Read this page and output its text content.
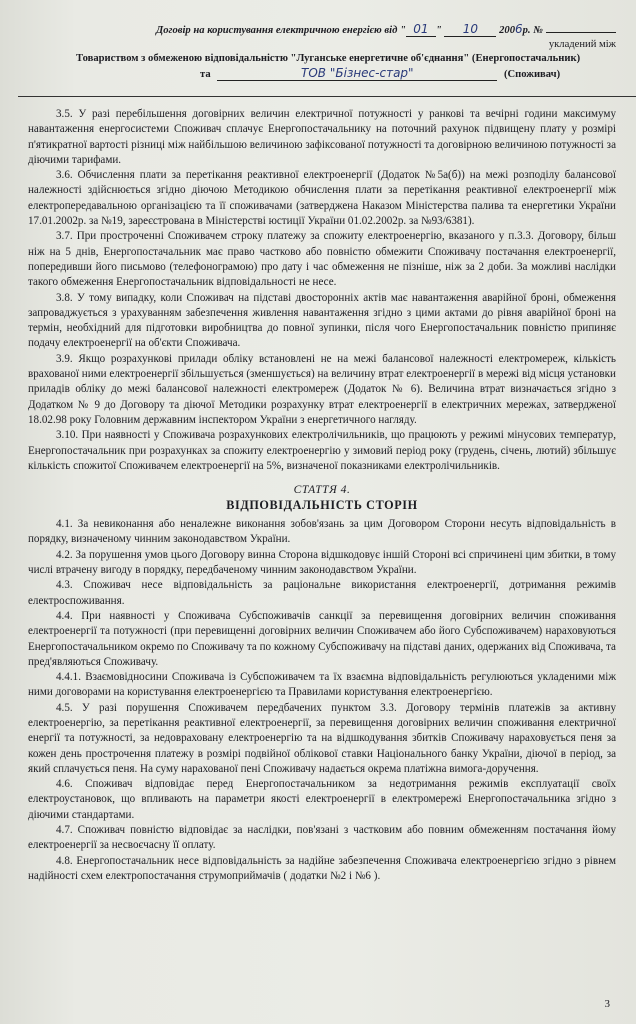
Договір на користування електричною енергією від " 01 " 10 2006р. №
укладений між
Товариством з обмеженою відповідальністю "Луганське енергетичне об'єднання" (Енергопостачальник)
та	ТОВ "Бізнес-стар"	(Споживач)

3.5. У разі перебільшення договірних величин електричної потужності у ранкові та вечірні години максимуму навантаження енергосистеми Споживач сплачує Енергопостачальнику на поточний рахунок підвищену плату у розмірі п'ятикратної вартості різниці між найбільшою величиною зафіксованої потужності та договірною величиною потужності за діючими тарифами.

3.6. Обчислення плати за перетікання реактивної електроенергії (Додаток №5а(б)) на межі розподілу балансової належності здійснюється згідно діючою Методикою обчислення плати за перетікання реактивної електроенергії між електропередавальною організацією та її споживачами (затверджена Наказом Міністерства палива та енергетики України 17.01.2002р. за №19, зареєстрована в Міністерстві юстиції України 01.02.2002р. за №93/6381).

3.7. При простроченні Споживачем строку платежу за спожиту електроенергію, вказаного у п.3.3. Договору, більш ніж на 5 днів, Енергопостачальник має право частково або повністю обмежити Споживачу постачання електроенергії, попередивши його письмово (телефонограмою) про дату і час обмеження не пізніше, ніж за 2 доби. За можливі наслідки такого обмеження Енергопостачальник відповідальності не несе.

3.8. У тому випадку, коли Споживач на підставі двосторонніх актів має навантаження аварійної броні, обмеження запроваджується з урахуванням забезпечення живлення навантаження згідно з цими актами до рівня аварійної броні на термін, необхідний для підготовки виробництва до повної зупинки, після чого Енергопостачальник повністю припиняє подачу електроенергії на об'єкти Споживача.

3.9. Якщо розрахункові прилади обліку встановлені не на межі балансової належності електромереж, кількість врахованої ними електроенергії збільшується (зменшується) на величину втрат електроенергії в мережі від місця установки приладів обліку до межі балансової належності електромереж (Додаток № 6). Величина втрат визначається згідно з Додатком № 9 до Договору та діючої Методики розрахунку втрат електроенергії в електричних мережах, затвердженої 18.02.98 року Головним державним інспектором України з енергетичного нагляду.

3.10. При наявності у Споживача розрахункових електролічильників, що працюють у режимі мінусових температур, Енергопостачальник при розрахунках за спожиту електроенергію у зимовий період року (грудень, січень, лютий) збільшує кількість спожитої Споживачем електроенергії на 5%, визначеної показниками електролічильників.

СТАТТЯ 4.
ВІДПОВІДАЛЬНІСТЬ СТОРІН

4.1. За невиконання або неналежне виконання зобов'язань за цим Договором Сторони несуть відповідальність в порядку, визначеному чинним законодавством України.

4.2. За порушення умов цього Договору винна Сторона відшкодовує іншій Стороні всі спричинені цим збитки, в тому числі втрачену вигоду в порядку, передбаченому чинним законодавством України.

4.3. Споживач несе відповідальність за раціональне використання електроенергії, дотримання режимів електроспоживання.

4.4. При наявності у Споживача Субспоживачів санкції за перевищення договірних величин споживання електроенергії та потужності (при перевищенні договірних величин Споживачем або його Субспоживачем) нараховуються Енергопостачальником окремо по Споживачу та по кожному Субспоживачу на підставі даних, одержаних від Споживача, та пред'являються Споживачу.

4.4.1. Взаємовідносини Споживача із Субспоживачем та їх взаємна відповідальність регулюються укладеними між ними договорами на користування електроенергією та Правилами користування електроенергією.

4.5. У разі порушення Споживачем передбачених пунктом 3.3. Договору термінів платежів за активну електроенергію, за перетікання реактивної електроенергії, за перевищення договірних величин споживання електричної енергії та потужності, за недовраховану електроенергію та на відшкодування збитків Споживачу нараховується пеня за кожен день прострочення платежу в розмірі подвійної облікової ставки Національного банку України, діючої в період, за який сплачується пеня. На суму нарахованої пені Споживачу надається окрема платіжна вимога-доручення.

4.6. Споживач відповідає перед Енергопостачальником за недотримання режимів експлуатації своїх електроустановок, що впливають на параметри якості електроенергії в електромережі Енергопостачальника згідно з діючими стандартами.

4.7. Споживач повністю відповідає за наслідки, пов'язані з частковим або повним обмеженням постачання йому електроенергії за несвоєчасну її оплату.

4.8. Енергопостачальник несе відповідальність за надійне забезпечення Споживача електроенергією згідно з рівнем надійності схем електропостачання струмоприймачів ( додатки №2 і №6 ).

3
